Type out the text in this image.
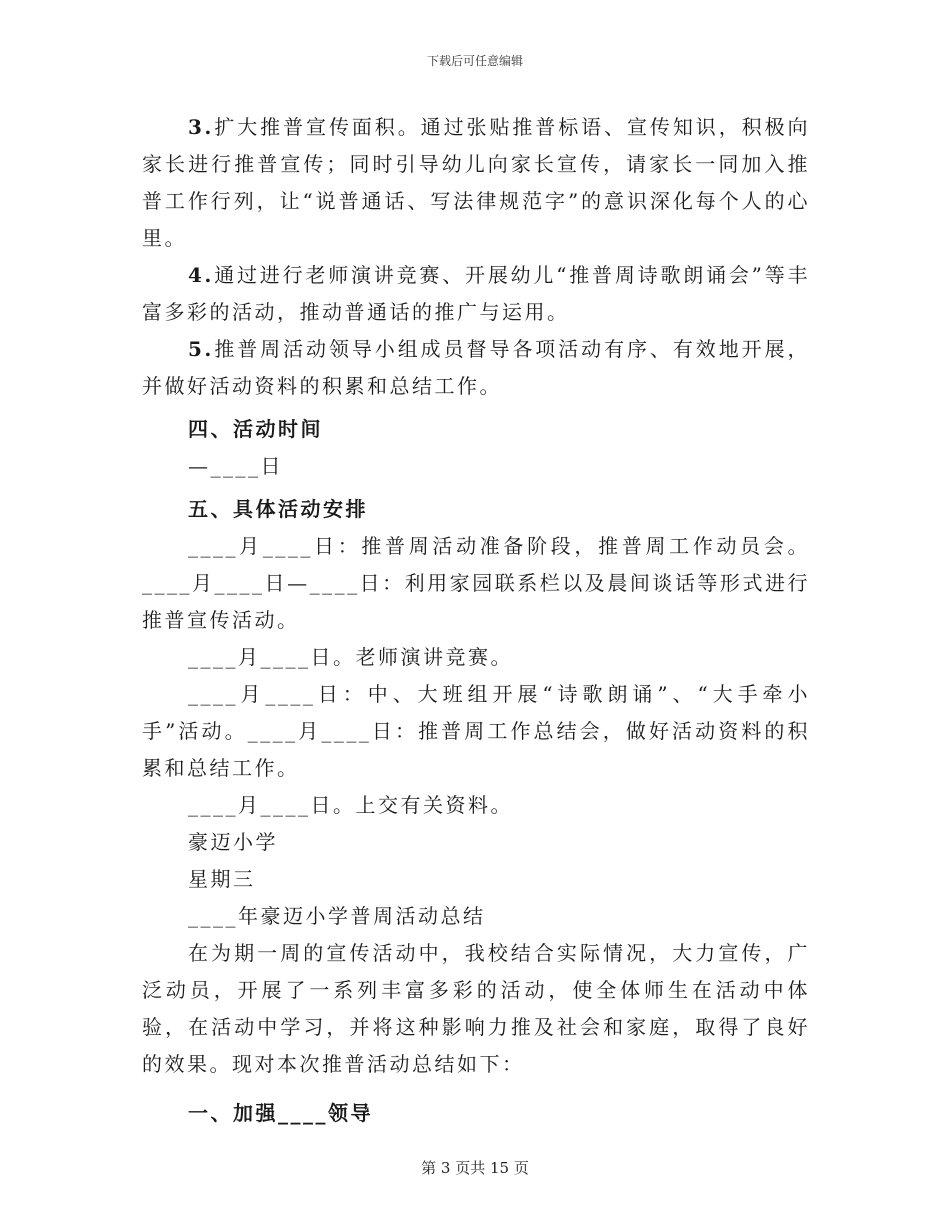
下载后可任意编辑

3.扩大推普宣传面积。通过张贴推普标语、宣传知识，积极向家长进行推普宣传；同时引导幼儿向家长宣传，请家长一同加入推普工作行列，让“说普通话、写法律规范字”的意识深化每个人的心里。

4.通过进行老师演讲竞赛、开展幼儿“推普周诗歌朗诵会”等丰富多彩的活动，推动普通话的推广与运用。

5.推普周活动领导小组成员督导各项活动有序、有效地开展，并做好活动资料的积累和总结工作。

四、活动时间

—____日

五、具体活动安排

____月____日：推普周活动准备阶段，推普周工作动员会。____月____日—____日：利用家园联系栏以及晨间谈话等形式进行推普宣传活动。

____月____日。老师演讲竞赛。

____月____日：中、大班组开展“诗歌朗诵”、“大手牵小手”活动。____月____日：推普周工作总结会，做好活动资料的积累和总结工作。

____月____日。上交有关资料。

豪迈小学

星期三

____年豪迈小学普周活动总结

在为期一周的宣传活动中，我校结合实际情况，大力宣传，广泛动员，开展了一系列丰富多彩的活动，使全体师生在活动中体验，在活动中学习，并将这种影响力推及社会和家庭，取得了良好的效果。现对本次推普活动总结如下：

一、加强____领导

第 3 页共 15 页
